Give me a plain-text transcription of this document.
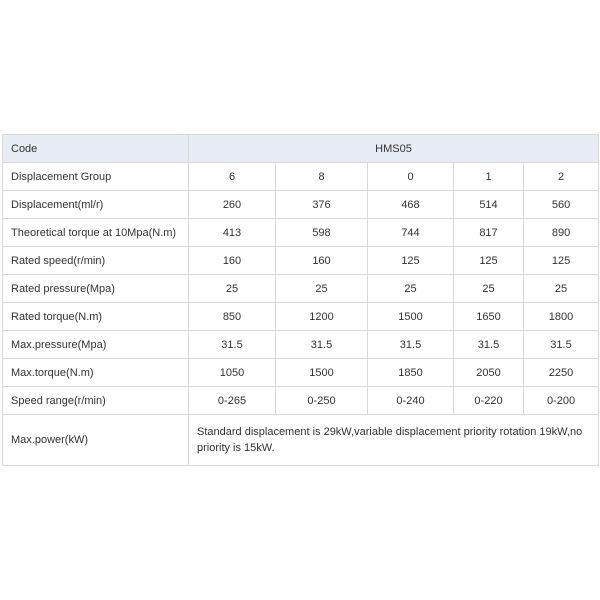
Code	HMS05				
Displacement Group	6	8	0	1	2
Displacement(ml/r)	260	376	468	514	560
Theoretical torque at 10Mpa(N.m)	413	598	744	817	890
Rated speed(r/min)	160	160	125	125	125
Rated pressure(Mpa)	25	25	25	25	25
Rated torque(N.m)	850	1200	1500	1650	1800
Max.pressure(Mpa)	31.5	31.5	31.5	31.5	31.5
Max.torque(N.m)	1050	1500	1850	2050	2250
Speed range(r/min)	0-265	0-250	0-240	0-220	0-200
Max.power(kW)	Standard displacement is 29kW,variable displacement priority rotation 19kW,no priority is 15kW.				
